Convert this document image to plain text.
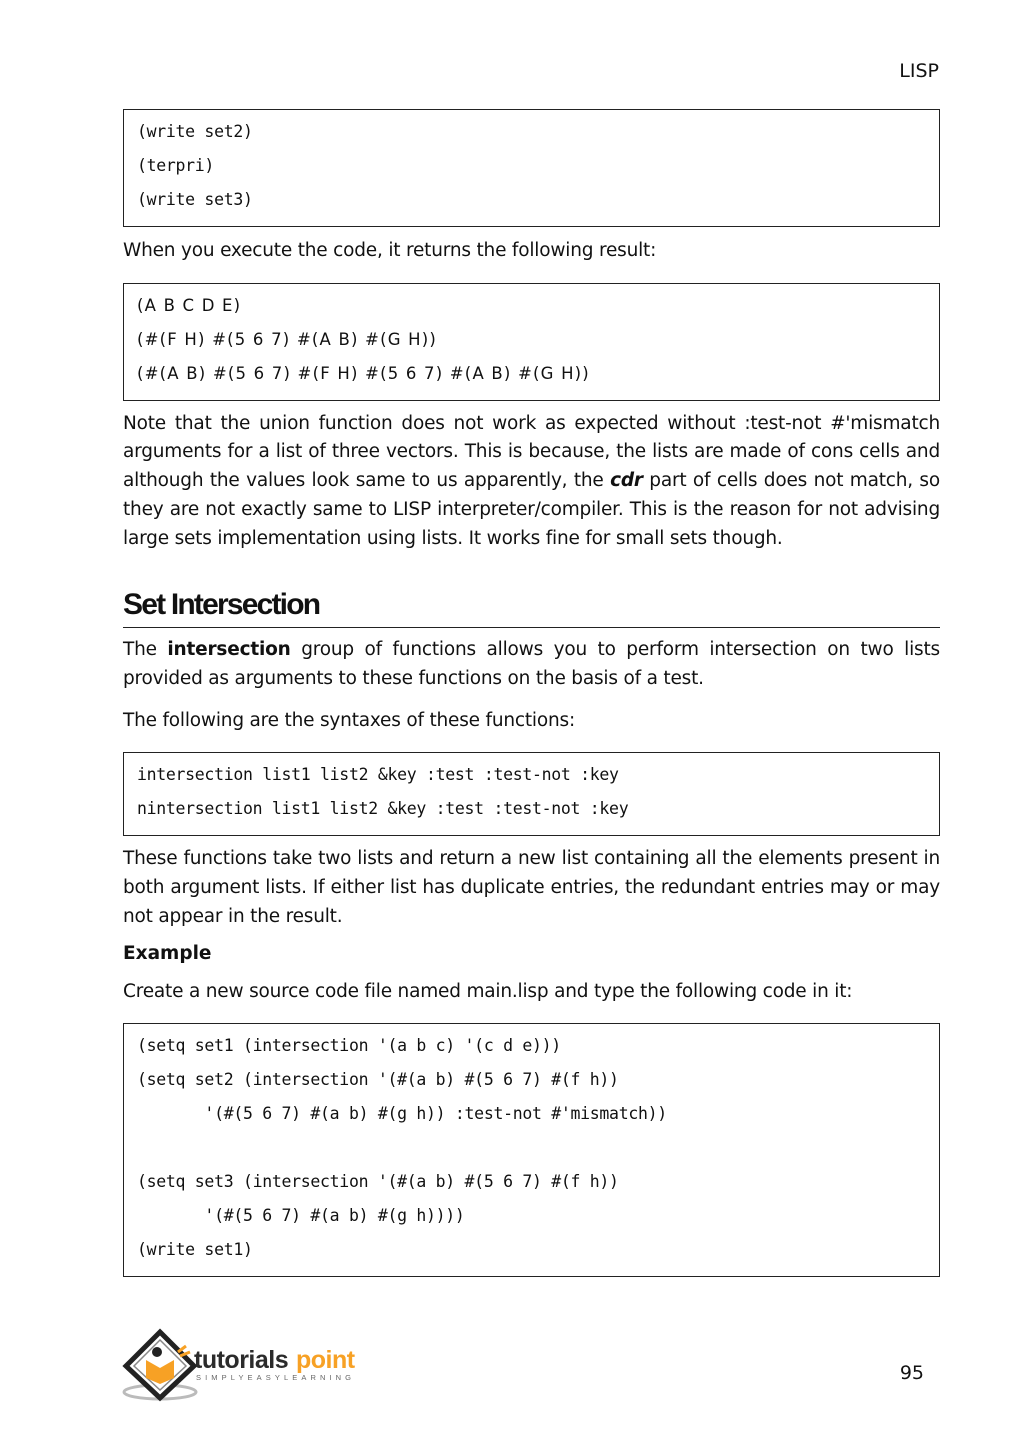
LISP
(write set2)
(terpri)
(write set3)

When you execute the code, it returns the following result:

(A B C D E)
(#(F H) #(5 6 7) #(A B) #(G H))
(#(A B) #(5 6 7) #(F H) #(5 6 7) #(A B) #(G H))

Note that the union function does not work as expected without :test-not #'mismatch arguments for a list of three vectors. This is because, the lists are made of cons cells and although the values look same to us apparently, the cdr part of cells does not match, so they are not exactly same to LISP interpreter/compiler. This is the reason for not advising large sets implementation using lists. It works fine for small sets though.

Set Intersection

The intersection group of functions allows you to perform intersection on two lists provided as arguments to these functions on the basis of a test.

The following are the syntaxes of these functions:

intersection list1 list2 &key :test :test-not :key
nintersection list1 list2 &key :test :test-not :key

These functions take two lists and return a new list containing all the elements present in both argument lists. If either list has duplicate entries, the redundant entries may or may not appear in the result.

Example

Create a new source code file named main.lisp and type the following code in it:

(setq set1 (intersection '(a b c) '(c d e)))
(setq set2 (intersection '(#(a b) #(5 6 7) #(f h))
'(#(5 6 7) #(a b) #(g h)) :test-not #'mismatch))
(setq set3 (intersection '(#(a b) #(5 6 7) #(f h))
'(#(5 6 7) #(a b) #(g h))))
(write set1)
tutorials point
SIMPLYEASYLEARNING	95
